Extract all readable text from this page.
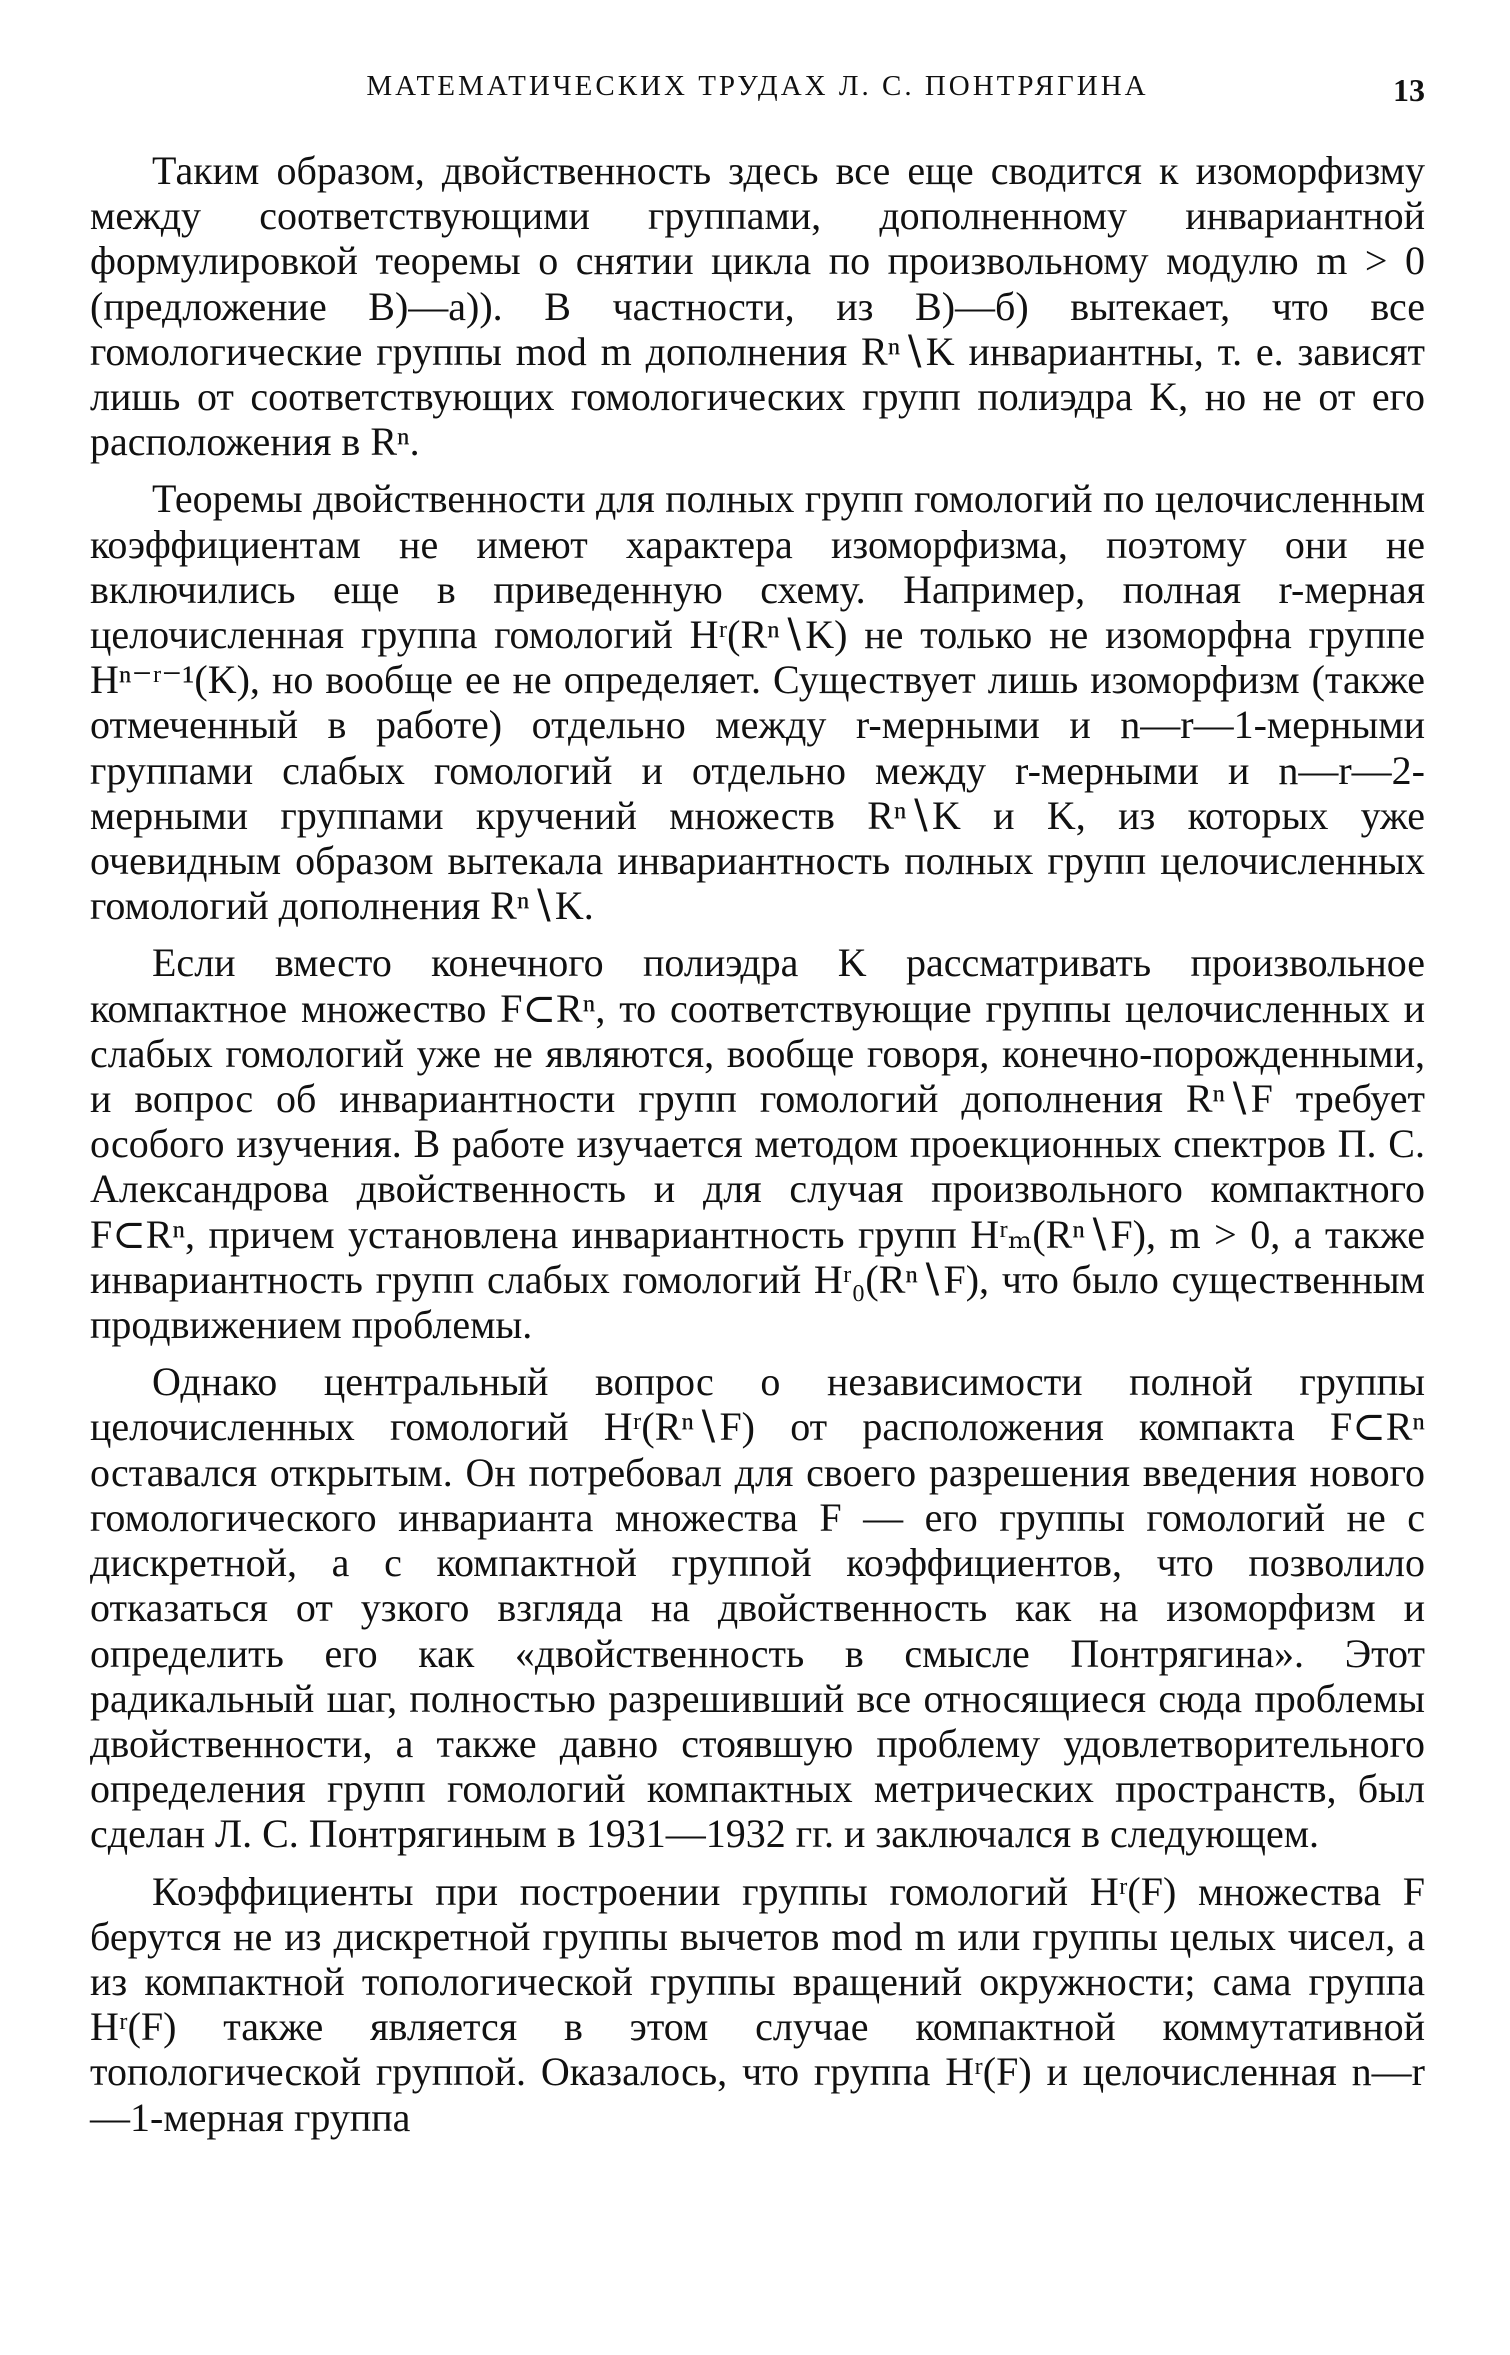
МАТЕМАТИЧЕСКИХ ТРУДАХ Л. С. ПОНТРЯГИНА	13

Таким образом, двойственность здесь все еще сводится к изоморфизму между соответствующими группами, дополненному инвариантной формулировкой теоремы о снятии цикла по произвольному модулю m > 0 (предложение B)—a)). В частности, из B)—б) вытекает, что все гомологические группы mod m дополнения Rⁿ∖K инвариантны, т. е. зависят лишь от соответствующих гомологических групп полиэдра K, но не от его расположения в Rⁿ.

Теоремы двойственности для полных групп гомологий по целочисленным коэффициентам не имеют характера изоморфизма, поэтому они не включились еще в приведенную схему. Например, полная r-мерная целочисленная группа гомологий Hʳ(Rⁿ∖K) не только не изоморфна группе Hⁿ⁻ʳ⁻¹(K), но вообще ее не определяет. Существует лишь изоморфизм (также отмеченный в работе) отдельно между r-мерными и n—r—1-мерными группами слабых гомологий и отдельно между r-мерными и n—r—2-мерными группами кручений множеств Rⁿ∖K и K, из которых уже очевидным образом вытекала инвариантность полных групп целочисленных гомологий дополнения Rⁿ∖K.

Если вместо конечного полиэдра K рассматривать произвольное компактное множество F⊂Rⁿ, то соответствующие группы целочисленных и слабых гомологий уже не являются, вообще говоря, конечно-порожденными, и вопрос об инвариантности групп гомологий дополнения Rⁿ∖F требует особого изучения. В работе изучается методом проекционных спектров П. С. Александрова двойственность и для случая произвольного компактного F⊂Rⁿ, причем установлена инвариантность групп Hʳₘ(Rⁿ∖F), m > 0, а также инвариантность групп слабых гомологий Hʳ₀(Rⁿ∖F), что было существенным продвижением проблемы.

Однако центральный вопрос о независимости полной группы целочисленных гомологий Hʳ(Rⁿ∖F) от расположения компакта F⊂Rⁿ оставался открытым. Он потребовал для своего разрешения введения нового гомологического инварианта множества F — его группы гомологий не с дискретной, а с компактной группой коэффициентов, что позволило отказаться от узкого взгляда на двойственность как на изоморфизм и определить его как «двойственность в смысле Понтрягина». Этот радикальный шаг, полностью разрешивший все относящиеся сюда проблемы двойственности, а также давно стоявшую проблему удовлетворительного определения групп гомологий компактных метрических пространств, был сделан Л. С. Понтрягиным в 1931—1932 гг. и заключался в следующем.

Коэффициенты при построении группы гомологий Hʳ(F) множества F берутся не из дискретной группы вычетов mod m или группы целых чисел, а из компактной топологической группы вращений окружности; сама группа Hʳ(F) также является в этом случае компактной коммутативной топологической группой. Оказалось, что группа Hʳ(F) и целочисленная n—r—1-мерная группа
